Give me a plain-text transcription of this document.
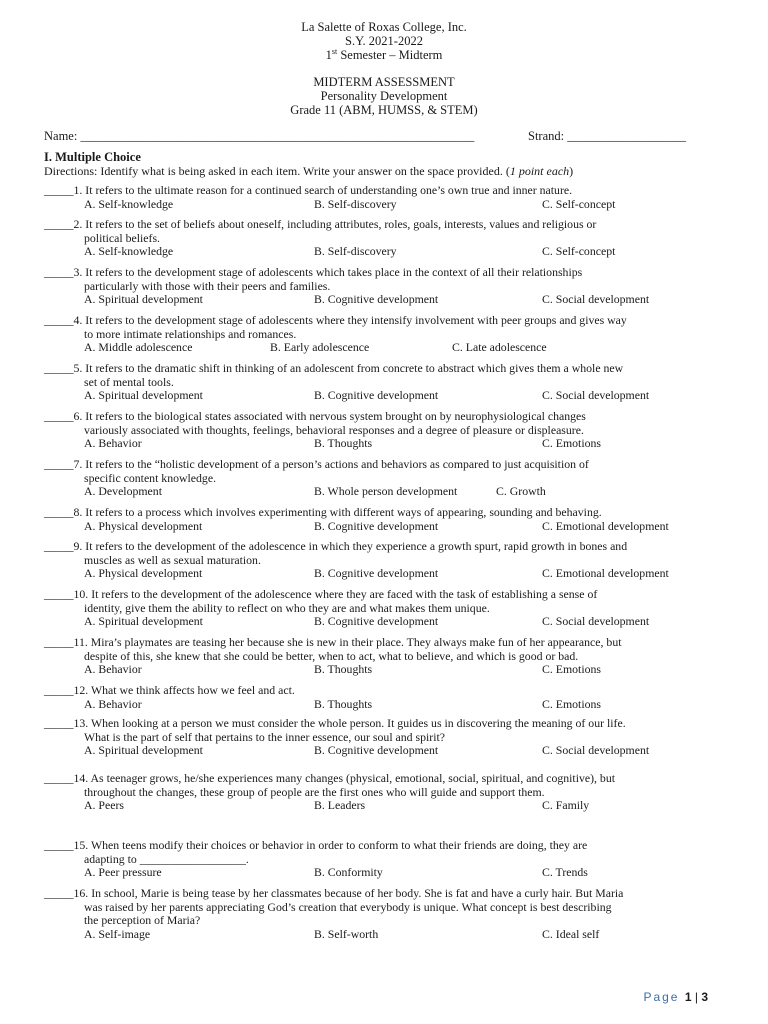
La Salette of Roxas College, Inc.
S.Y. 2021-2022
1st Semester – Midterm
MIDTERM ASSESSMENT
Personality Development
Grade 11 (ABM, HUMSS, & STEM)
Name: _______________________________________________________________	Strand: ___________________
I. Multiple Choice
Directions: Identify what is being asked in each item. Write your answer on the space provided. (1 point each)
_____1. It refers to the ultimate reason for a continued search of understanding one’s own true and inner nature.
A. Self-knowledge	B. Self-discovery	C. Self-concept
_____2. It refers to the set of beliefs about oneself, including attributes, roles, goals, interests, values and religious or
political beliefs.
A. Self-knowledge	B. Self-discovery	C. Self-concept
_____3. It refers to the development stage of adolescents which takes place in the context of all their relationships
particularly with those with their peers and families.
A. Spiritual development	B. Cognitive development	C. Social development
_____4. It refers to the development stage of adolescents where they intensify involvement with peer groups and gives way
to more intimate relationships and romances.
A. Middle adolescence	B. Early adolescence	C. Late adolescence
_____5. It refers to the dramatic shift in thinking of an adolescent from concrete to abstract which gives them a whole new
set of mental tools.
A. Spiritual development	B. Cognitive development	C. Social development
_____6. It refers to the biological states associated with nervous system brought on by neurophysiological changes
variously associated with thoughts, feelings, behavioral responses and a degree of pleasure or displeasure.
A. Behavior	B. Thoughts	C. Emotions
_____7. It refers to the “holistic development of a person’s actions and behaviors as compared to just acquisition of
specific content knowledge.
A. Development	B. Whole person development	C. Growth
_____8. It refers to a process which involves experimenting with different ways of appearing, sounding and behaving.
A. Physical development	B. Cognitive development	C. Emotional development
_____9. It refers to the development of the adolescence in which they experience a growth spurt, rapid growth in bones and
muscles as well as sexual maturation.
A. Physical development	B. Cognitive development	C. Emotional development
_____10. It refers to the development of the adolescence where they are faced with the task of establishing a sense of
identity, give them the ability to reflect on who they are and what makes them unique.
A. Spiritual development	B. Cognitive development	C. Social development
_____11. Mira’s playmates are teasing her because she is new in their place. They always make fun of her appearance, but
despite of this, she knew that she could be better, when to act, what to believe, and which is good or bad.
A. Behavior	B. Thoughts	C. Emotions
_____12. What we think affects how we feel and act.
A. Behavior	B. Thoughts	C. Emotions
_____13. When looking at a person we must consider the whole person. It guides us in discovering the meaning of our life.
What is the part of self that pertains to the inner essence, our soul and spirit?
A. Spiritual development	B. Cognitive development	C. Social development
_____14. As teenager grows, he/she experiences many changes (physical, emotional, social, spiritual, and cognitive), but
throughout the changes, these group of people are the first ones who will guide and support them.
A. Peers	B. Leaders	C. Family
_____15. When teens modify their choices or behavior in order to conform to what their friends are doing, they are
adapting to __________________.
A. Peer pressure	B. Conformity	C. Trends
_____16. In school, Marie is being tease by her classmates because of her body. She is fat and have a curly hair. But Maria
was raised by her parents appreciating God’s creation that everybody is unique. What concept is best describing
the perception of Maria?
A. Self-image	B. Self-worth	C. Ideal self
Page 1 | 3
